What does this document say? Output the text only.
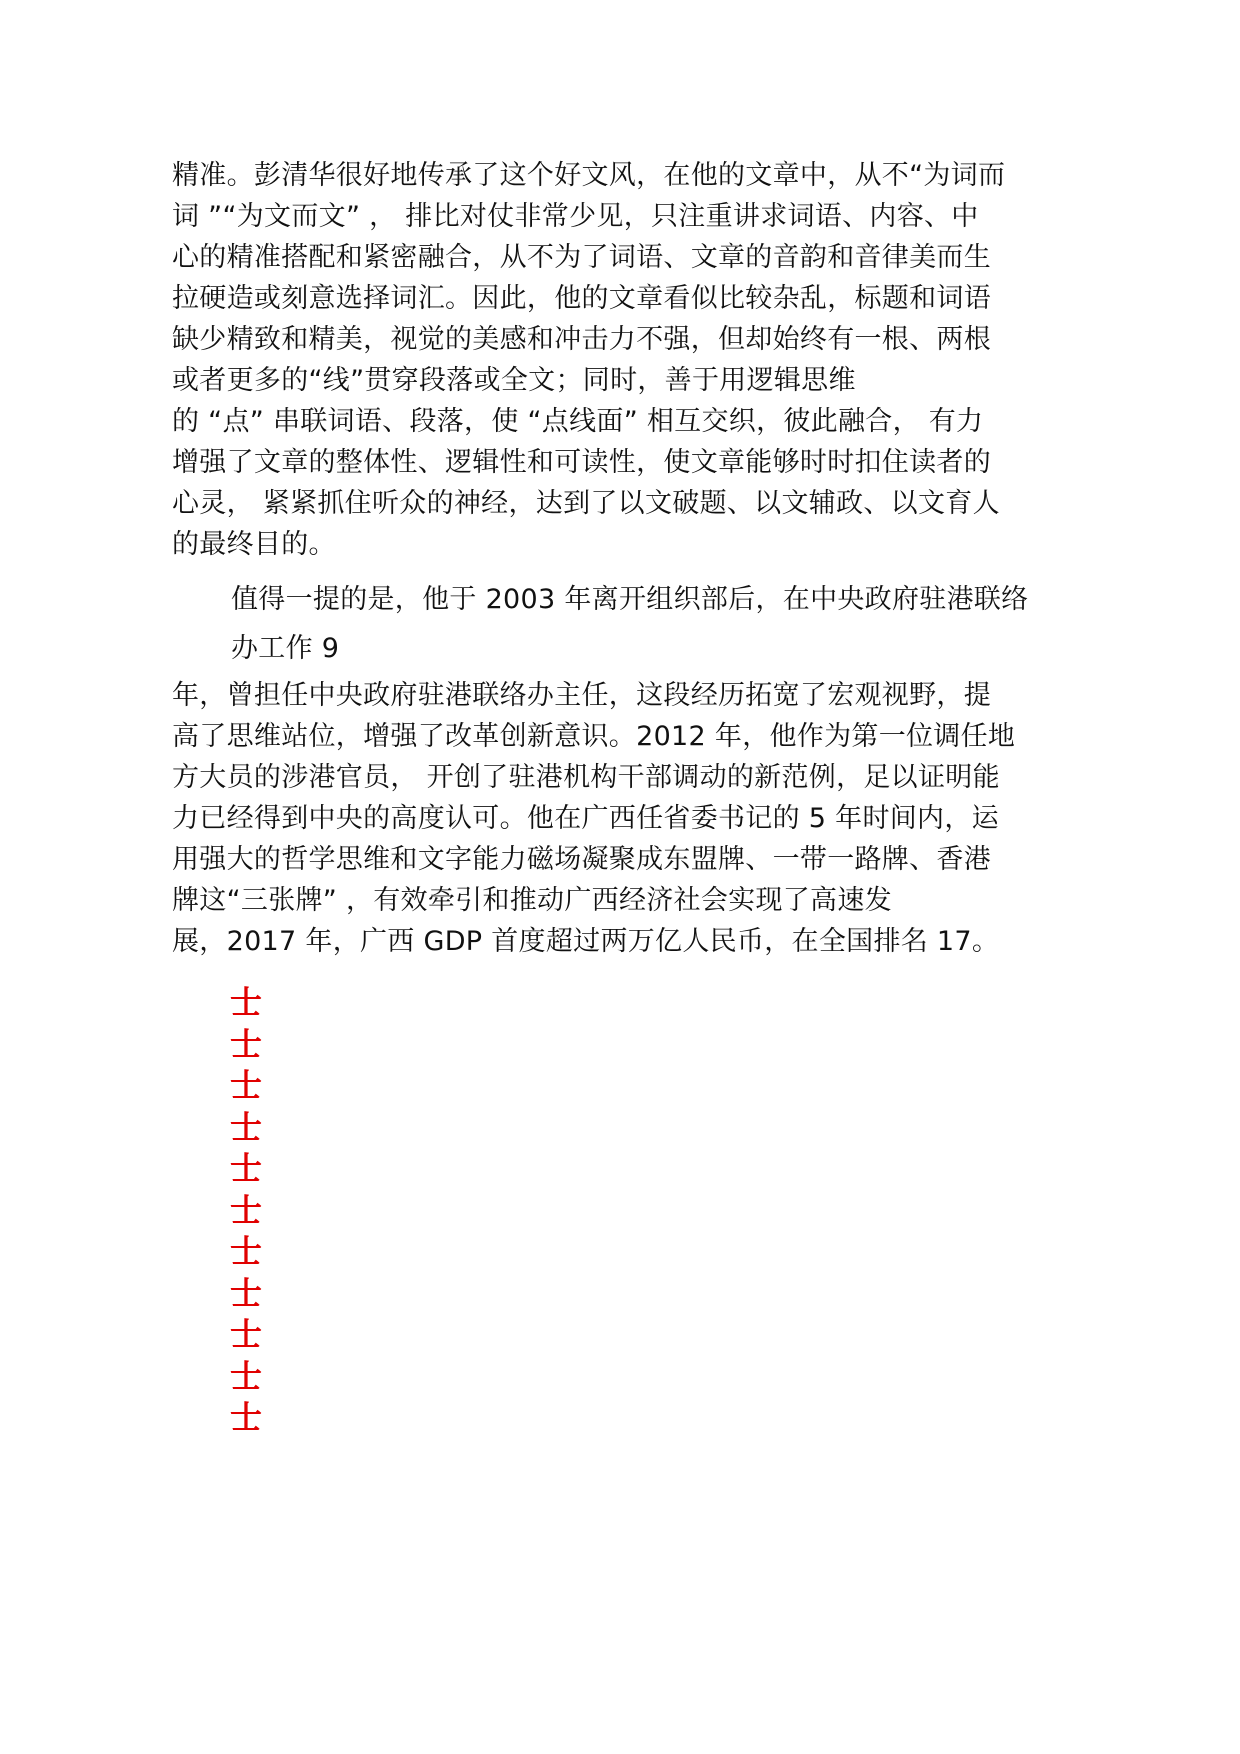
精准。彭清华很好地传承了这个好文风，在他的文章中，从不“为词而
词 ”“为文而文” ， 排比对仗非常少见，只注重讲求词语、内容、中
心的精准搭配和紧密融合，从不为了词语、文章的音韵和音律美而生
拉硬造或刻意选择词汇。因此，他的文章看似比较杂乱，标题和词语
缺少精致和精美，视觉的美感和冲击力不强，但却始终有一根、两根
或者更多的“线”贯穿段落或全文；同时，善于用逻辑思维
的 “点” 串联词语、段落，使 “点线面” 相互交织，彼此融合， 有力
增强了文章的整体性、逻辑性和可读性，使文章能够时时扣住读者的
心灵， 紧紧抓住听众的神经，达到了以文破题、以文辅政、以文育人
的最终目的。
值得一提的是，他于 2003 年离开组织部后，在中央政府驻港联络
办工作 9
年，曾担任中央政府驻港联络办主任，这段经历拓宽了宏观视野，提
高了思维站位，增强了改革创新意识。2012 年，他作为第一位调任地
方大员的涉港官员， 开创了驻港机构干部调动的新范例，足以证明能
力已经得到中央的高度认可。他在广西任省委书记的 5 年时间内，运
用强大的哲学思维和文字能力磁场凝聚成东盟牌、一带一路牌、香港
牌这“三张牌” ，有效牵引和推动广西经济社会实现了高速发
展，2017 年，广西 GDP 首度超过两万亿人民币，在全国排名 17。
士
士
士
士
士
士
士
士
士
士
士
